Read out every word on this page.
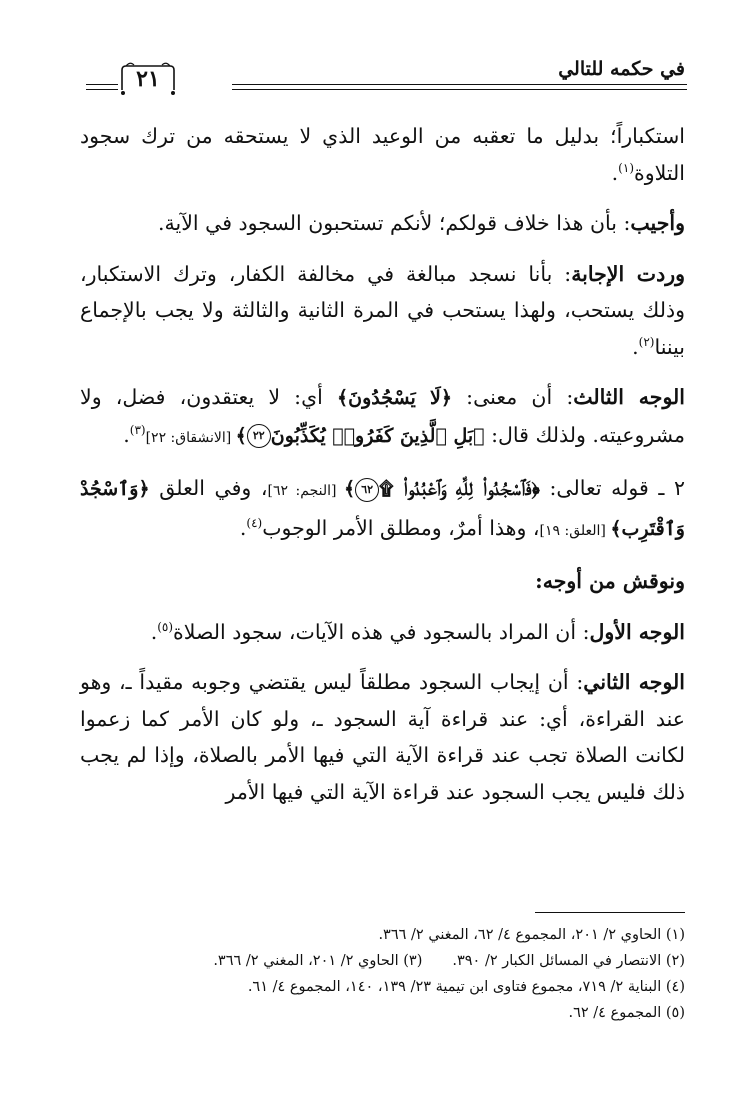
في حكمه للتالي
٢١

استكباراً؛ بدليل ما تعقبه من الوعيد الذي لا يستحقه من ترك سجود التلاوة$^{(١)}$.

وأجيب: بأن هذا خلاف قولكم؛ لأنكم تستحبون السجود في الآية.

وردت الإجابة: بأنا نسجد مبالغة في مخالفة الكفار، وترك الاستكبار، وذلك يستحب، ولهذا يستحب في المرة الثانية والثالثة ولا يجب بالإجماع بيننا$^{(٢)}$.

الوجه الثالث: أن معنى: ﴿لَا يَسْجُدُونَ﴾ أي: لا يعتقدون، فضل، ولا مشروعيته. ولذلك قال: ﴿بَلِ ٱلَّذِينَ كَفَرُوا۟ يُكَذِّبُونَ٢٢﴾ [الانشقاق: ٢٢]$^{(٣)}$.

٢ ـ قوله تعالى: ﴿فَٱسْجُدُوا۟ لِلَّهِ وَٱعْبُدُوا۟ ۩٦٢﴾ [النجم: ٦٢]، وفي العلق ﴿وَٱسْجُدْ وَٱقْتَرِب﴾ [العلق: ١٩]، وهذا أمرٌ، ومطلق الأمر الوجوب$^{(٤)}$.

ونوقش من أوجه:

الوجه الأول: أن المراد بالسجود في هذه الآيات، سجود الصلاة$^{(٥)}$.

الوجه الثاني: أن إيجاب السجود مطلقاً ليس يقتضي وجوبه مقيداً ـ، وهو عند القراءة، أي: عند قراءة آية السجود ـ، ولو كان الأمر كما زعموا لكانت الصلاة تجب عند قراءة الآية التي فيها الأمر بالصلاة، وإذا لم يجب ذلك فليس يجب السجود عند قراءة الآية التي فيها الأمر

(١) الحاوي ٢/ ٢٠١، المجموع ٤/ ٦٢، المغني ٢/ ٣٦٦.
(٢) الانتصار في المسائل الكبار ٢/ ٣٩٠.(٣) الحاوي ٢/ ٢٠١، المغني ٢/ ٣٦٦.
(٤) البناية ٢/ ٧١٩، مجموع فتاوى ابن تيمية ٢٣/ ١٣٩، ١٤٠، المجموع ٤/ ٦١.
(٥) المجموع ٤/ ٦٢.
